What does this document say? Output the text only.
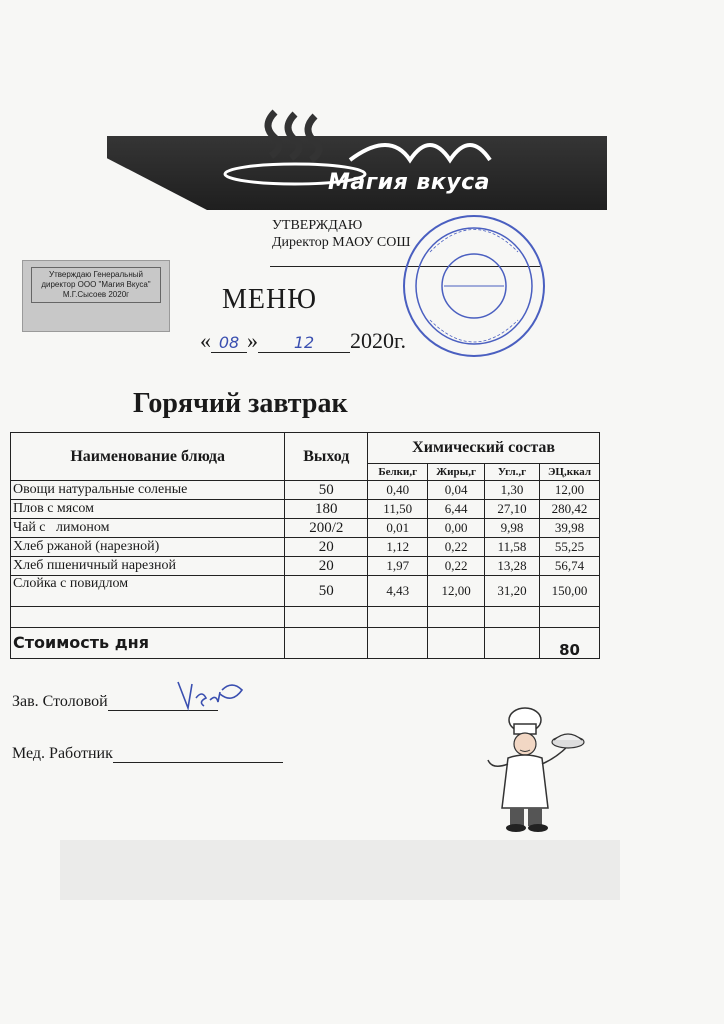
Магия вкуса
УТВЕРЖДАЮ
Директор МАОУ СОШ
Утверждаю Генеральный директор ООО "Магия Вкуса" М.Г.Сысоев 2020г	МЕНЮ
« 08 » 12 2020г.
Горячий завтрак
Наименование блюда	Выход	Химический состав			
		Белки,г	Жиры,г	Угл.,г	ЭЦ,ккал
Овощи натуральные соленые	50	0,40	0,04	1,30	12,00
Плов с мясом	180	11,50	6,44	27,10	280,42
Чай с   лимоном	200/2	0,01	0,00	9,98	39,98
Хлеб ржаной (нарезной)	20	1,12	0,22	11,58	55,25
Хлеб пшеничный нарезной	20	1,97	0,22	13,28	56,74
Слойка с повидлом	50	4,43	12,00	31,20	150,00

Стоимость дня					80
Зав. Столовой
Мед. Работник
